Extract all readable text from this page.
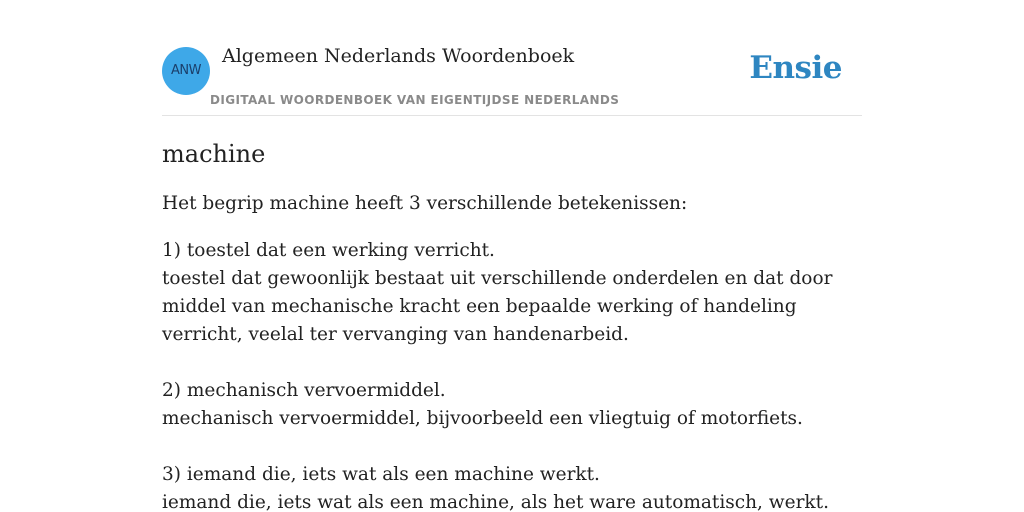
ANW
Algemeen Nederlands Woordenboek
DIGITAAL WOORDENBOEK VAN EIGENTIJDSE NEDERLANDS
Ensie
machine

Het begrip machine heeft 3 verschillende betekenissen:

1) toestel dat een werking verricht.

toestel dat gewoonlijk bestaat uit verschillende onderdelen en dat door middel van mechanische kracht een bepaalde werking of handeling verricht, veelal ter vervanging van handenarbeid.

2) mechanisch vervoermiddel.

mechanisch vervoermiddel, bijvoorbeeld een vliegtuig of motorfiets.

3) iemand die, iets wat als een machine werkt.

iemand die, iets wat als een machine, als het ware automatisch, werkt.
